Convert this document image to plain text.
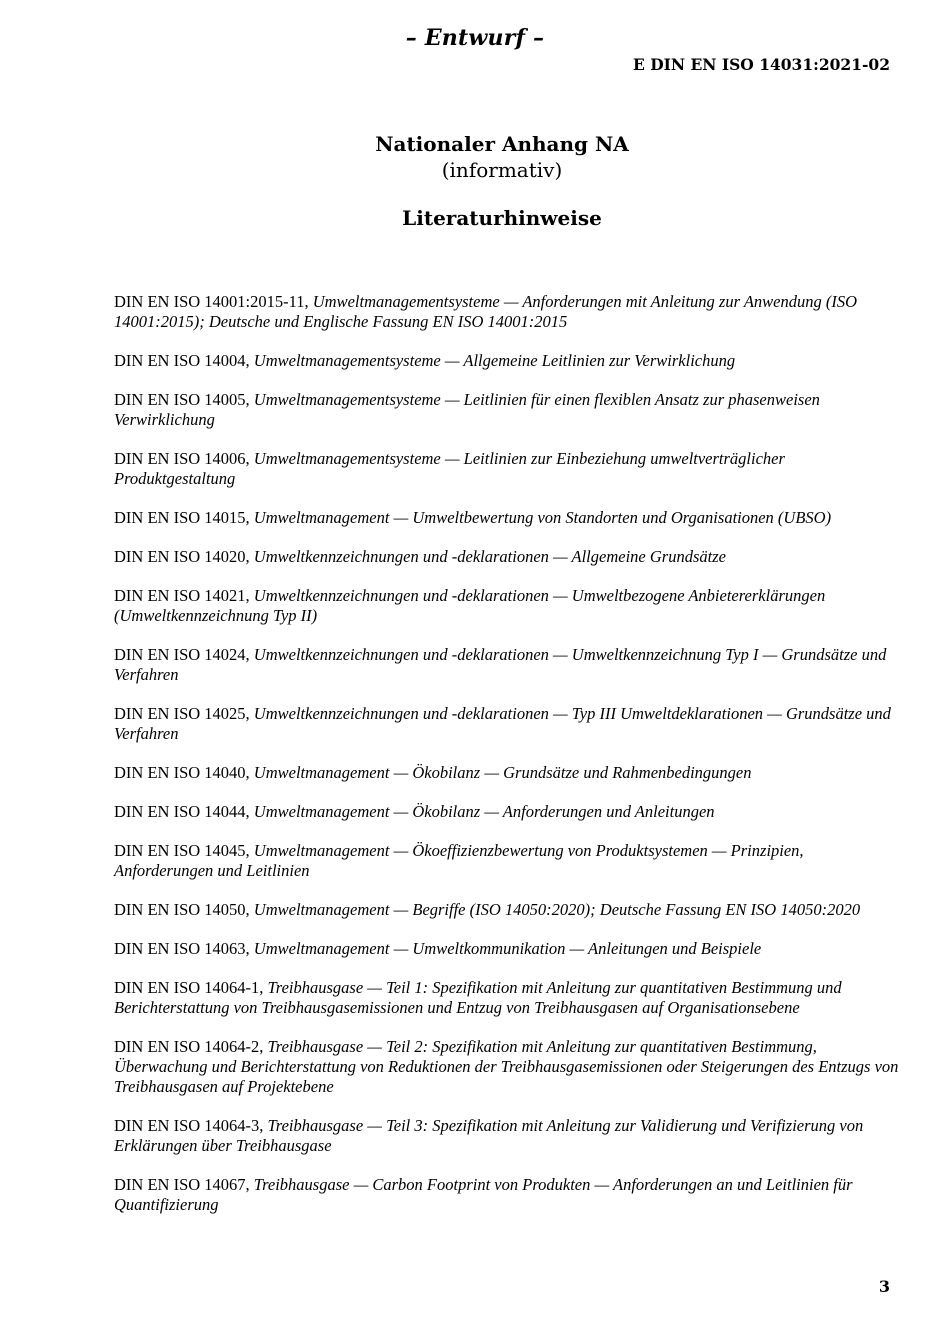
– Entwurf –
E DIN EN ISO 14031:2021-02
Nationaler Anhang NA
(informativ)
Literaturhinweise

DIN EN ISO 14001:2015-11, Umweltmanagementsysteme — Anforderungen mit Anleitung zur Anwendung (ISO 14001:2015); Deutsche und Englische Fassung EN ISO 14001:2015

DIN EN ISO 14004, Umweltmanagementsysteme — Allgemeine Leitlinien zur Verwirklichung

DIN EN ISO 14005, Umweltmanagementsysteme — Leitlinien für einen flexiblen Ansatz zur phasenweisen Verwirklichung

DIN EN ISO 14006, Umweltmanagementsysteme — Leitlinien zur Einbeziehung umweltverträglicher Produktgestaltung

DIN EN ISO 14015, Umweltmanagement — Umweltbewertung von Standorten und Organisationen (UBSO)

DIN EN ISO 14020, Umweltkennzeichnungen und -deklarationen — Allgemeine Grundsätze

DIN EN ISO 14021, Umweltkennzeichnungen und -deklarationen — Umweltbezogene Anbietererklärungen (Umweltkennzeichnung Typ II)

DIN EN ISO 14024, Umweltkennzeichnungen und -deklarationen — Umweltkennzeichnung Typ I — Grundsätze und Verfahren

DIN EN ISO 14025, Umweltkennzeichnungen und -deklarationen — Typ III Umweltdeklarationen — Grundsätze und Verfahren

DIN EN ISO 14040, Umweltmanagement — Ökobilanz — Grundsätze und Rahmenbedingungen

DIN EN ISO 14044, Umweltmanagement — Ökobilanz — Anforderungen und Anleitungen

DIN EN ISO 14045, Umweltmanagement — Ökoeffizienzbewertung von Produktsystemen — Prinzipien, Anforderungen und Leitlinien

DIN EN ISO 14050, Umweltmanagement — Begriffe (ISO 14050:2020); Deutsche Fassung EN ISO 14050:2020

DIN EN ISO 14063, Umweltmanagement — Umweltkommunikation — Anleitungen und Beispiele

DIN EN ISO 14064-1, Treibhausgase — Teil 1: Spezifikation mit Anleitung zur quantitativen Bestimmung und Berichterstattung von Treibhausgasemissionen und Entzug von Treibhausgasen auf Organisationsebene

DIN EN ISO 14064-2, Treibhausgase — Teil 2: Spezifikation mit Anleitung zur quantitativen Bestimmung, Überwachung und Berichterstattung von Reduktionen der Treibhausgasemissionen oder Steigerungen des Entzugs von Treibhausgasen auf Projektebene

DIN EN ISO 14064-3, Treibhausgase — Teil 3: Spezifikation mit Anleitung zur Validierung und Verifizierung von Erklärungen über Treibhausgase

DIN EN ISO 14067, Treibhausgase — Carbon Footprint von Produkten — Anforderungen an und Leitlinien für Quantifizierung

3
